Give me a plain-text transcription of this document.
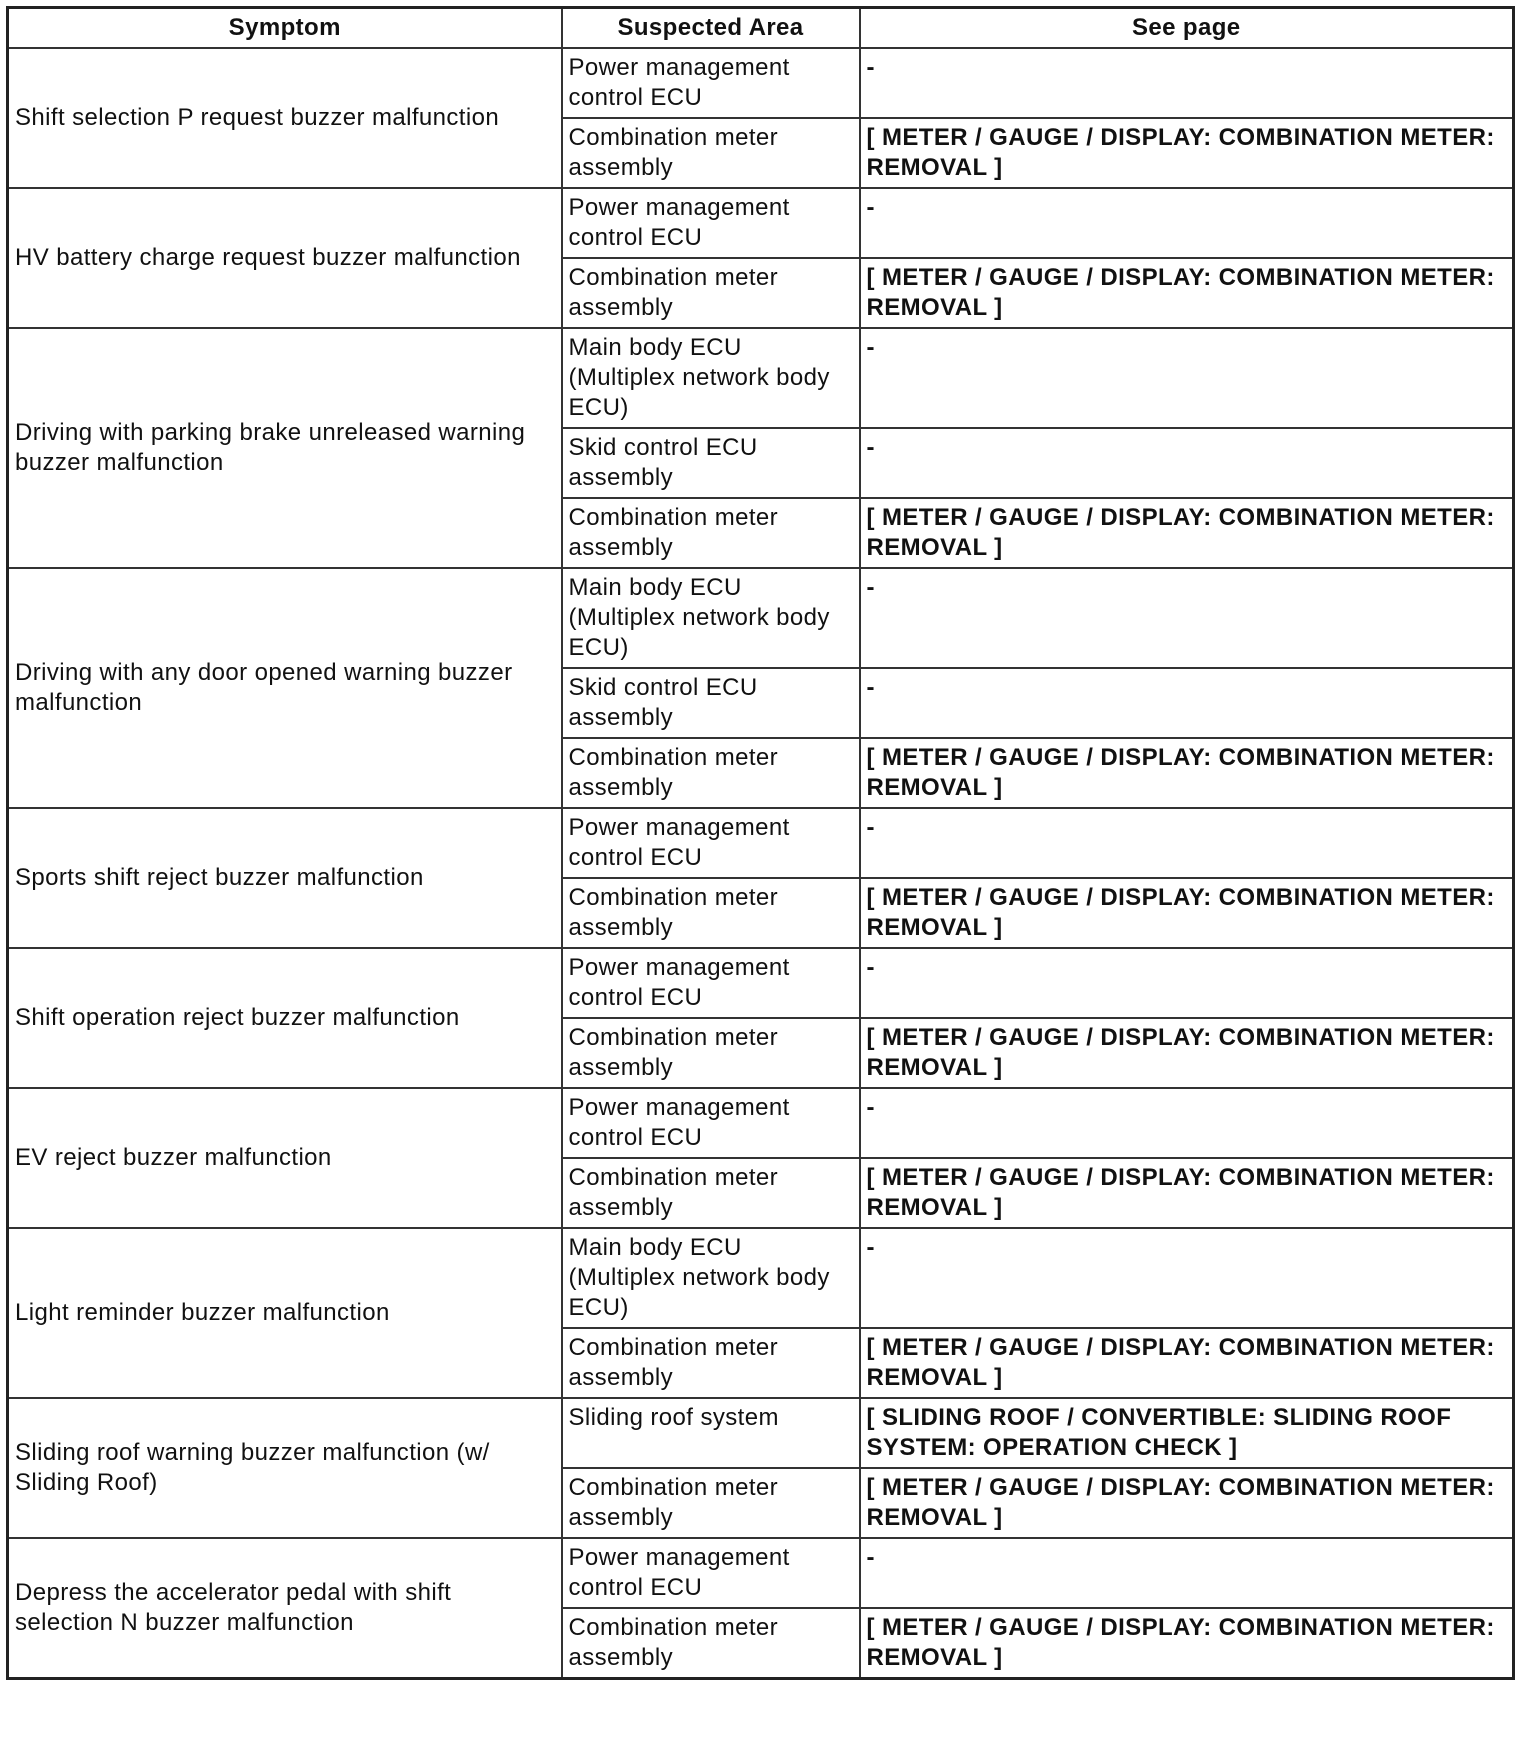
Symptom	Suspected Area	See page
Shift selection P request buzzer malfunction	Power management control ECU	-
	Combination meter assembly	[ METER / GAUGE / DISPLAY: COMBINATION METER: REMOVAL ]
HV battery charge request buzzer malfunction	Power management control ECU	-
	Combination meter assembly	[ METER / GAUGE / DISPLAY: COMBINATION METER: REMOVAL ]
Driving with parking brake unreleased warning buzzer malfunction	Main body ECU (Multiplex network body ECU)	-
	Skid control ECU assembly	-
	Combination meter assembly	[ METER / GAUGE / DISPLAY: COMBINATION METER: REMOVAL ]
Driving with any door opened warning buzzer malfunction	Main body ECU (Multiplex network body ECU)	-
	Skid control ECU assembly	-
	Combination meter assembly	[ METER / GAUGE / DISPLAY: COMBINATION METER: REMOVAL ]
Sports shift reject buzzer malfunction	Power management control ECU	-
	Combination meter assembly	[ METER / GAUGE / DISPLAY: COMBINATION METER: REMOVAL ]
Shift operation reject buzzer malfunction	Power management control ECU	-
	Combination meter assembly	[ METER / GAUGE / DISPLAY: COMBINATION METER: REMOVAL ]
EV reject buzzer malfunction	Power management control ECU	-
	Combination meter assembly	[ METER / GAUGE / DISPLAY: COMBINATION METER: REMOVAL ]
Light reminder buzzer malfunction	Main body ECU (Multiplex network body ECU)	-
	Combination meter assembly	[ METER / GAUGE / DISPLAY: COMBINATION METER: REMOVAL ]
Sliding roof warning buzzer malfunction (w/ Sliding Roof)	Sliding roof system	[ SLIDING ROOF / CONVERTIBLE: SLIDING ROOF SYSTEM: OPERATION CHECK ]
	Combination meter assembly	[ METER / GAUGE / DISPLAY: COMBINATION METER: REMOVAL ]
Depress the accelerator pedal with shift selection N buzzer malfunction	Power management control ECU	-
	Combination meter assembly	[ METER / GAUGE / DISPLAY: COMBINATION METER: REMOVAL ]
